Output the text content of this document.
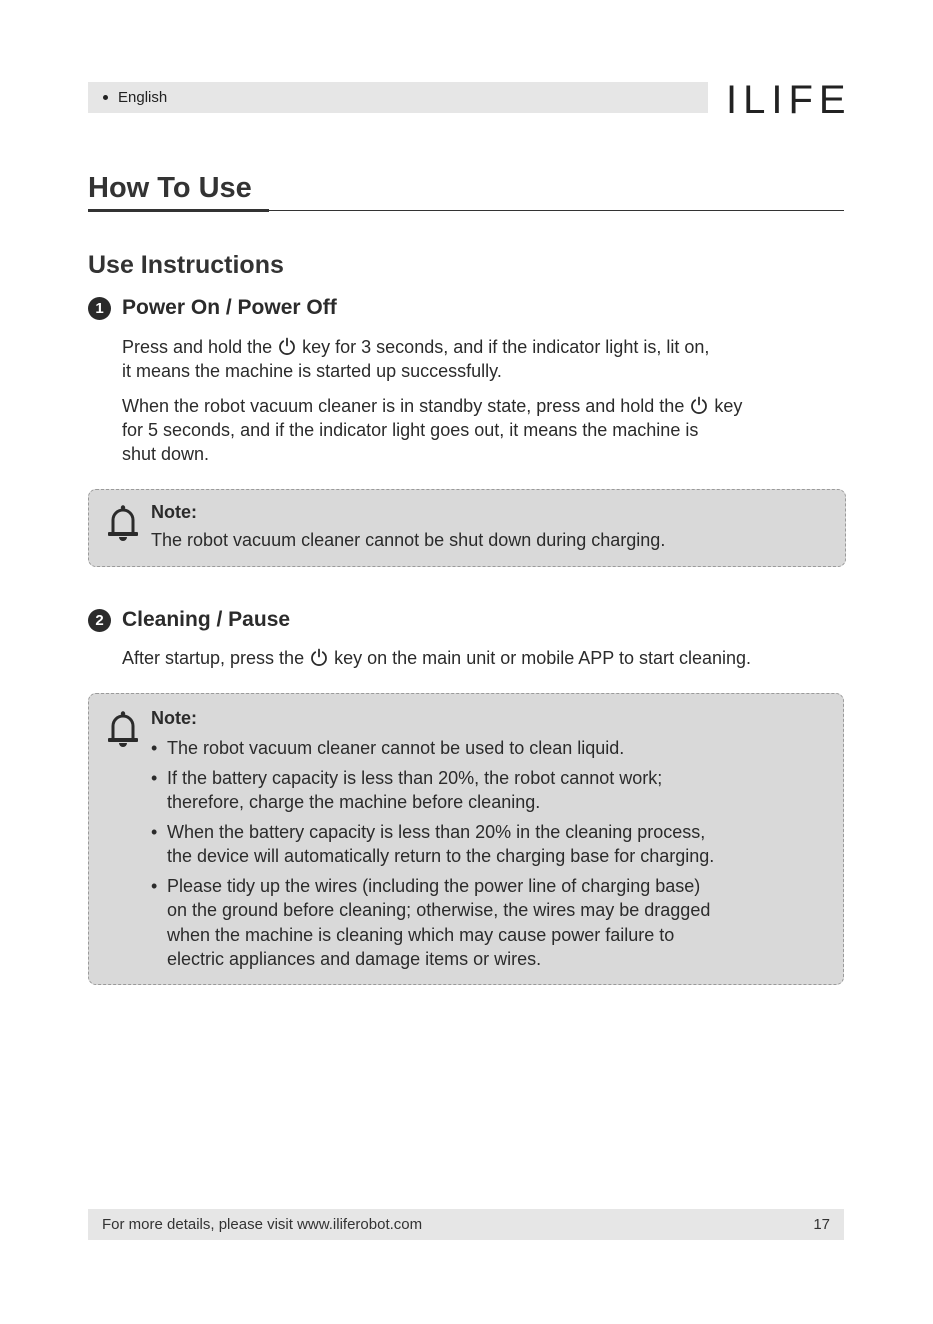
English	ILIFE
How To Use
Use Instructions
1 Power On / Power Off
Press and hold the key for 3 seconds, and if the indicator light is, lit on,
it means the machine is started up successfully.
When the robot vacuum cleaner is in standby state, press and hold the key
for 5 seconds, and if the indicator light goes out, it means the machine is
shut down.
Note:
The robot vacuum cleaner cannot be shut down during charging.
2 Cleaning / Pause
After startup, press the key on the main unit or mobile APP to start cleaning.
Note:
• The robot vacuum cleaner cannot be used to clean liquid.
• If the battery capacity is less than 20%, the robot cannot work;
therefore, charge the machine before cleaning.
• When the battery capacity is less than 20% in the cleaning process,
the device will automatically return to the charging base for charging.
• Please tidy up the wires (including the power line of charging base)
on the ground before cleaning; otherwise, the wires may be dragged
when the machine is cleaning which may cause power failure to
electric appliances and damage items or wires.
For more details, please visit www.iliferobot.com	17
